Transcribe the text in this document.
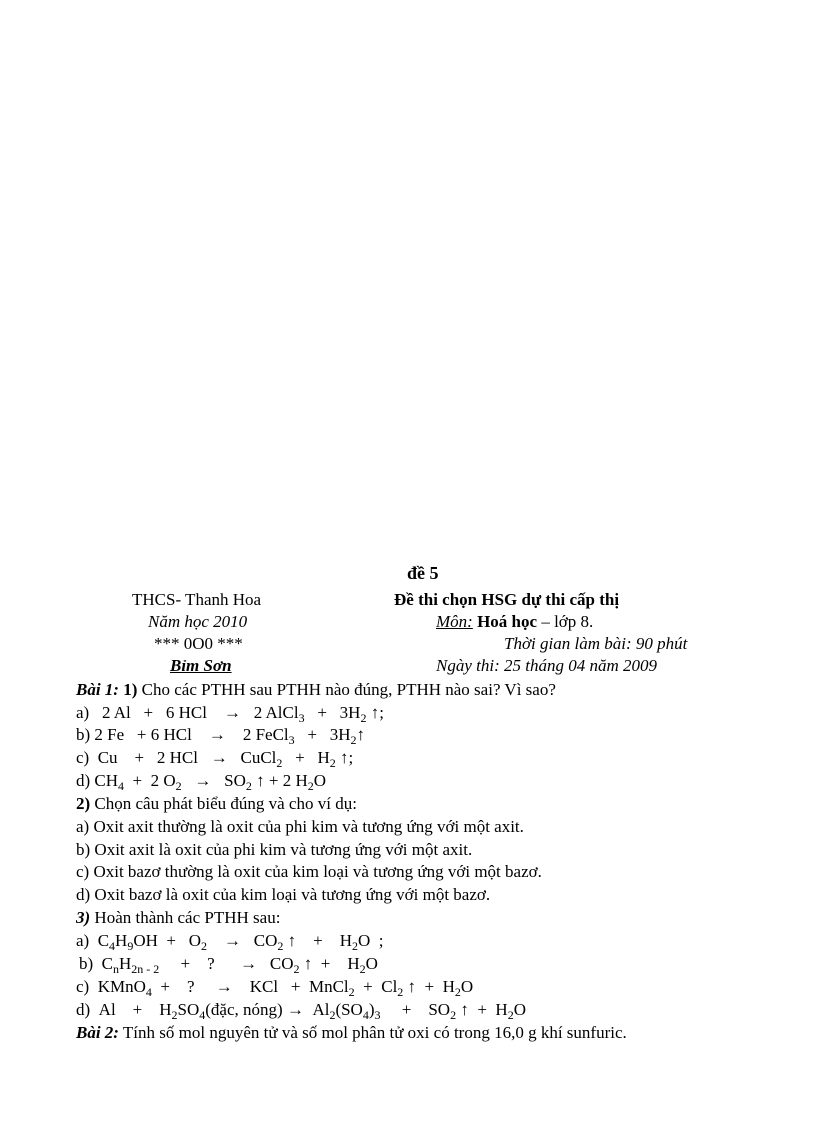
đề 5
THCS- Thanh Hoa
Năm học 2010
*** 0O0 ***
Bỉm Sơn
Đề thi chọn HSG dự thi cấp thị
Môn: Hoá học – lớp 8.
Thời gian làm bài: 90 phút
Ngày thi: 25 tháng 04 năm 2009
Bài 1: 1) Cho các PTHH sau PTHH nào đúng, PTHH nào sai? Vì sao?
a)   2 Al   +   6 HCl    →   2 AlCl$_3$   +   $3H_2$ ↑;
b) 2 Fe   + 6 HCl    →    2 FeCl$_3$   +   $3H_2↑$
c)  Cu    +   2 HCl   →   CuCl$_2$   +   $H_2$ ↑;
d) $CH_4 + 2$ $O_2 \to SO_2$ ↑ + 2 $H_2O$
2) Chọn câu phát biểu đúng và cho ví dụ:
a) Oxit axit thường là oxit của phi kim và tương ứng với một axit.
b) Oxit axit là oxit của phi kim và tương ứng với một axit.
c) Oxit bazơ thường là oxit của kim loại và tương ứng với một bazơ.
d) Oxit bazơ là oxit của kim loại và tương ứng với một bazơ.
3) Hoàn thành các PTHH sau:
a)  $C_4H_9OH + O_2 \to CO_2$ ↑    +    $H_2O$  ;
b)  $C_nH_{2n - 2}$     +    ?      →   $CO_2$ ↑  +    $H_2O$
c)  KMnO$_4$  +    ?     →    KCl   +  MnCl$_2$  +  $Cl_2$ ↑  +  $H_2O$
d)  Al    +    $H_2SO_4(đặc$, nóng) →  $Al_2(SO_4)_3$     +    $SO_2$ ↑  +  $H_2O$
Bài 2: Tính số mol nguyên tử và số mol phân tử oxi có trong 16,0 g khí sunfuric.
